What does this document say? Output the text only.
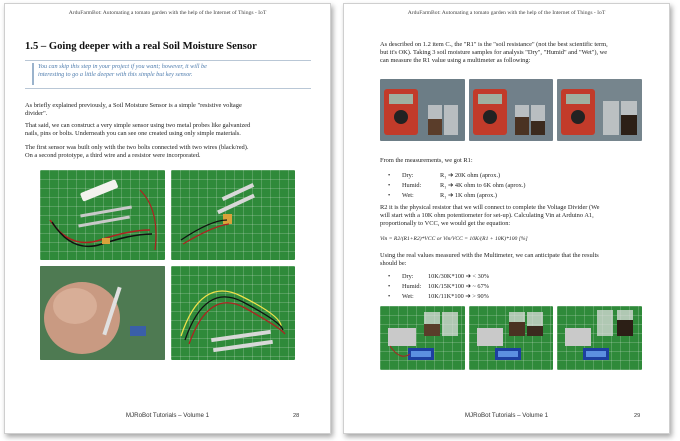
ArduFarmBot: Automating a tomato garden with the help of the Internet of Things - IoT
1.5 – Going deeper with a real Soil Moisture Sensor
You can skip this step in your project if you want; however, it will be
interesting to go a little deeper with this simple but key sensor.
As briefly explained previously, a Soil Moisture Sensor is a simple "resistive voltage
divider".
That said, we can construct a very simple sensor using two metal probes like galvanized
nails, pins or bolts. Underneath you can see one created using only simple materials.
The first sensor was built only with the two bolts connected with two wires (black/red).
On a second prototype, a third wire and a resistor were incorporated.
MJRoBot Tutorials – Volume 1	28
ArduFarmBot: Automating a tomato garden with the help of the Internet of Things - IoT
As described on 1.2 item C., the "R1" is the "soil resistance" (not the best scientific term,
but it's OK). Taking 3 soil moisture samples for analysis "Dry", "Humid" and "Wet"), we
can measure the R1 value using a multimeter as following:
From the measurements, we got R1:
• Dry:	R₁ ➔ 20K ohm (aprox.)
• Humid:	R₁ ➔ 4K ohm to 6K ohm (aprox.)
• Wet:	R₁ ➔ 1K ohm (aprox.)
R2 it is the physical resistor that we will connect to complete the Voltage Divider (We
will start with a 10K ohm potentiometer for set-up). Calculating Vin at Arduino A1,
proportionally to VCC, we would get the equation:
Vin = R2/(R1+R2)*VCC or Vin/VCC = 10K/(R1 + 10K)*100 [%]
Using the real values measured with the Multimeter, we can anticipate that the results
should be:
• Dry: 10K/30K*100 ➔ < 30%
• Humid: 10K/15K*100 ➔ ~ 67%
• Wet: 10K/11K*100 ➔ > 90%
MJRoBot Tutorials – Volume 1	29
